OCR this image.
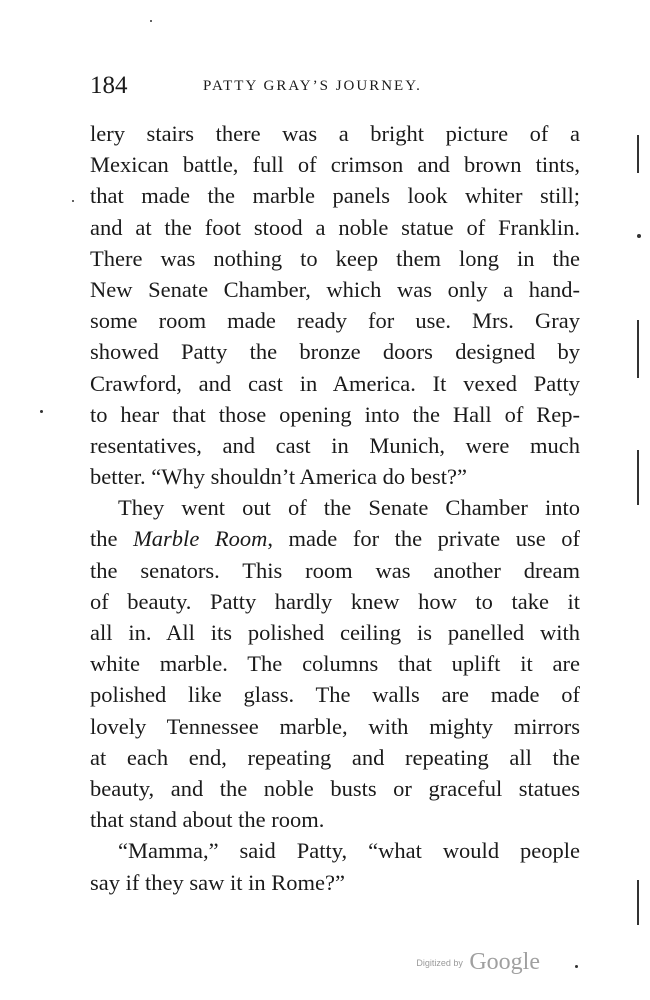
184	PATTY GRAY’S JOURNEY.
lery stairs there was a bright picture of a
Mexican battle, full of crimson and brown tints,
that made the marble panels look whiter still;
and at the foot stood a noble statue of Franklin.
There was nothing to keep them long in the
New Senate Chamber, which was only a hand-
some room made ready for use. Mrs. Gray
showed Patty the bronze doors designed by
Crawford, and cast in America. It vexed Patty
to hear that those opening into the Hall of Rep-
resentatives, and cast in Munich, were much
better. “Why shouldn’t America do best?”
They went out of the Senate Chamber into
the Marble Room, made for the private use of
the senators. This room was another dream
of beauty. Patty hardly knew how to take it
all in. All its polished ceiling is panelled with
white marble. The columns that uplift it are
polished like glass. The walls are made of
lovely Tennessee marble, with mighty mirrors
at each end, repeating and repeating all the
beauty, and the noble busts or graceful statues
that stand about the room.
“Mamma,” said Patty, “what would people
say if they saw it in Rome?”
Digitized by Google
